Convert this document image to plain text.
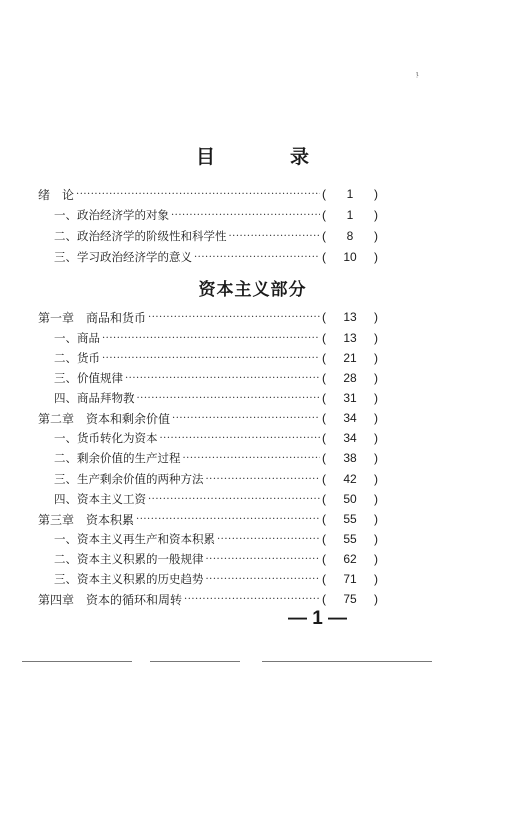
ι̣
目　录
资本主义部分
绪　论 ·····	(	1	)
一、政治经济学的对象 ·····	(	1	)
二、政治经济学的阶级性和科学性 ·····	(	8	)
三、学习政治经济学的意义 ·····	(	10	)
第一章　商品和货币 ·····	(	13	)
一、商品 ·····	(	13	)
二、货币 ·····	(	21	)
三、价值规律 ·····	(	28	)
四、商品拜物教 ·····	(	31	)
第二章　资本和剩余价值 ·····	(	34	)
一、货币转化为资本 ·····	(	34	)
二、剩余价值的生产过程 ·····	(	38	)
三、生产剩余价值的两种方法 ·····	(	42	)
四、资本主义工资 ·····	(	50	)
第三章　资本积累 ·····	(	55	)
一、资本主义再生产和资本积累 ·····	(	55	)
二、资本主义积累的一般规律 ·····	(	62	)
三、资本主义积累的历史趋势 ·····	(	71	)
第四章　资本的循环和周转 ·····	(	75	)
— 1 —
